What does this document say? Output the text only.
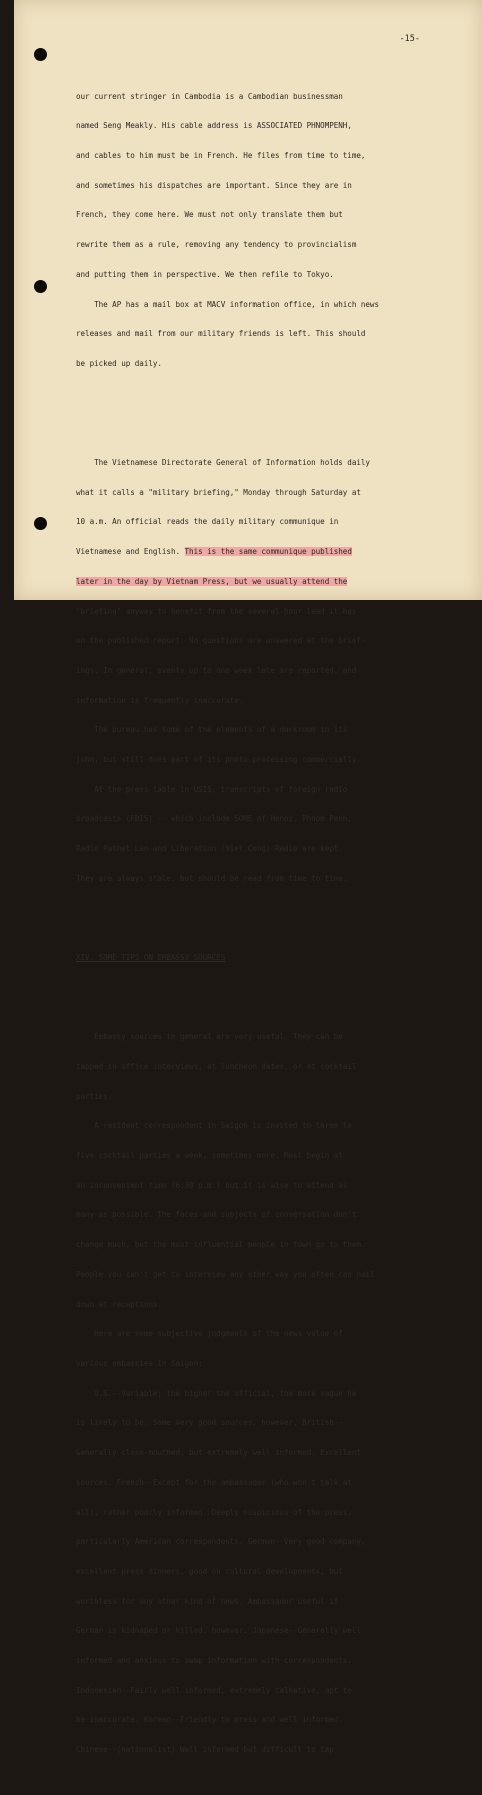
-15-

our current stringer in Cambodia is a Cambodian businessman

named Seng Meakly. His cable address is ASSOCIATED PHNOMPENH,

and cables to him must be in French. He files from time to time,

and sometimes his dispatches are important. Since they are in

French, they come here. We must not only translate them but

rewrite them as a rule, removing any tendency to provincialism

and putting them in perspective. We then refile to Tokyo.

The AP has a mail box at MACV information office, in which news

releases and mail from our military friends is left. This should

be picked up daily.

The Vietnamese Directorate General of Information holds daily

what it calls a "military briefing," Monday through Saturday at

10 a.m. An official reads the daily military communique in

Vietnamese and English. This is the same communique published

later in the day by Vietnam Press, but we usually attend the

"briefing" anyway to benefit from the several-hour lead it has

on the published report. No questions are answered at the brief-

ings. In general, events up to one week late are reported, and

information is frequently inaccurate.

The bureau has some of the elements of a darkroom in its

john, but still does part of its photo processing commercially.

At the press table in USIS, transcripts of foreign radio

broadcasts (FBIS) -- which include SOME of Hanoi, Phnom Penh,

Radio Pathet Lao and Liberation (Viet Cong) Radio are kept.

They are always stale, but should be read from time to time.

XIV. SOME TIPS ON EMBASSY SOURCES

Embassy sources in general are very useful. They can be

tapped in office interviews, at luncheon dates, or at cocktail

parties.

A resident correspondent in Saigon is invited to three to

five cocktail parties a week, sometimes more. Most begin at

an inconvenient time (6:30 p.m.) but it is wise to attend as

many as possible. The faces and subjects of conversation don't

change much, but the most influential people in town go to them.

People you can't get to interview any other way you often can nail

down at receptions.

Here are some subjective judgments of the news value of

various embassies in Saigon:

U.S.--Variable; the higher the official, the more vague he

is likely to be. Some very good sources, however. British--

Generally close-mouthed, but extremely well informed. Excellent

sources. French--Except for the ambassador (who won't talk at

all), rather poorly informed. Deeply suspicious of the press,

particularly American correspondents. German--Very good company,

excellent press dinners, good on cultural developments, but

worthless for any other kind of news. Ambassador useful if

German is kidnaped or killed, however. Japanese--Generally well

informed and anxious to swap information with correspondents.

Indonesian--Fairly well informed, extremely talkative, apt to

be inaccurate. Korean--Friendly to press and well informed.

Chinese--(nationalist) Well informed but difficult to tap
